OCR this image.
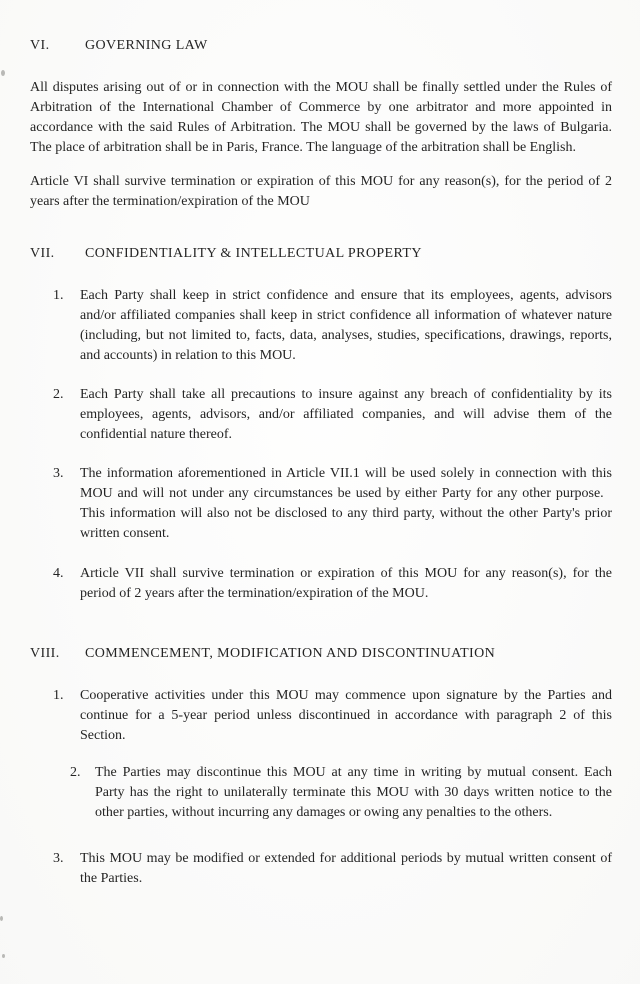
VI.	GOVERNING LAW

All disputes arising out of or in connection with the MOU shall be finally settled under the Rules of Arbitration of the International Chamber of Commerce by one arbitrator and more appointed in accordance with the said Rules of Arbitration. The MOU shall be governed by the laws of Bulgaria. The place of arbitration shall be in Paris, France. The language of the arbitration shall be English.

Article VI shall survive termination or expiration of this MOU for any reason(s), for the period of 2 years after the termination/expiration of the MOU

VII.	CONFIDENTIALITY & INTELLECTUAL PROPERTY
1.	Each Party shall keep in strict confidence and ensure that its employees, agents, advisors and/or affiliated companies shall keep in strict confidence all information of whatever nature (including, but not limited to, facts, data, analyses, studies, specifications, drawings, reports, and accounts) in relation to this MOU.

2.	Each Party shall take all precautions to insure against any breach of confidentiality by its employees, agents, advisors, and/or affiliated companies, and will advise them of the confidential nature thereof.

3.	The information aforementioned in Article VII.1 will be used solely in connection with this MOU and will not under any circumstances be used by either Party for any other purpose.   This information will also not be disclosed to any third party, without the other Party's prior written consent.

4.	Article VII shall survive termination or expiration of this MOU for any reason(s), for the period of 2 years after the termination/expiration of the MOU.

VIII.	COMMENCEMENT, MODIFICATION AND DISCONTINUATION
1.	Cooperative activities under this MOU may commence upon signature by the Parties and continue for a 5-year period unless discontinued in accordance with paragraph 2 of this Section.

2.	The Parties may discontinue this MOU at any time in writing by mutual consent. Each Party has the right to unilaterally terminate this MOU with 30 days written notice to the other parties, without incurring any damages or owing any penalties to the others.

3.	This MOU may be modified or extended for additional periods by mutual written consent of the Parties.
